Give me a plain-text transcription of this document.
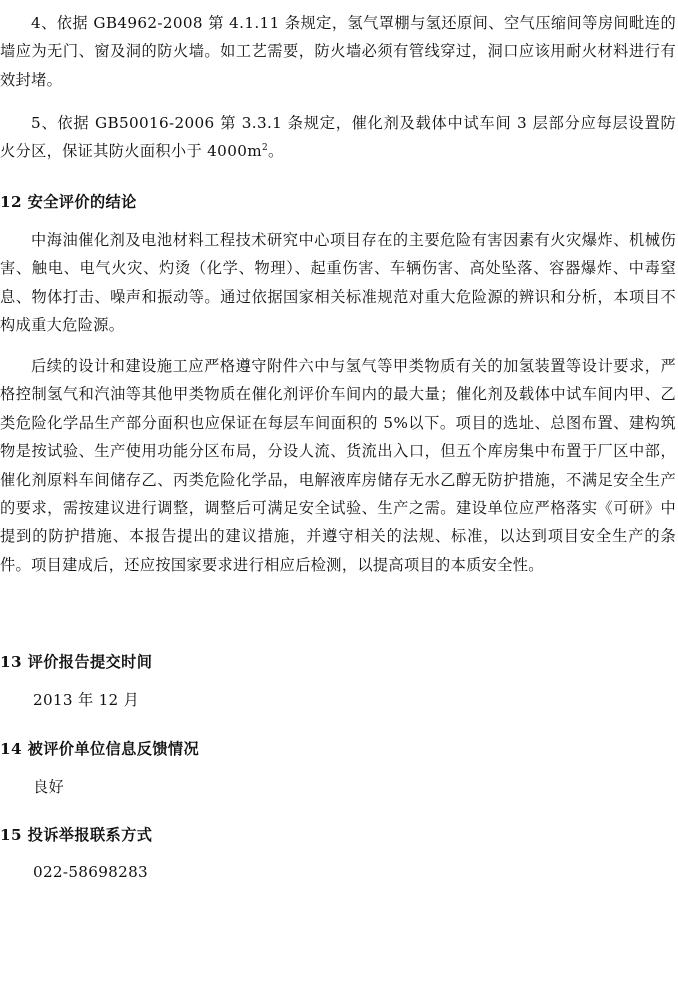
4、依据 GB4962-2008 第 4.1.11 条规定，氢气罩棚与氢还原间、空气压缩间等房间毗连的墙应为无门、窗及洞的防火墙。如工艺需要，防火墙必须有管线穿过，洞口应该用耐火材料进行有效封堵。

5、依据 GB50016-2006 第 3.3.1 条规定，催化剂及载体中试车间 3 层部分应每层设置防火分区，保证其防火面积小于 $4000m^2$。

12 安全评价的结论

中海油催化剂及电池材料工程技术研究中心项目存在的主要危险有害因素有火灾爆炸、机械伤害、触电、电气火灾、灼烫（化学、物理）、起重伤害、车辆伤害、高处坠落、容器爆炸、中毒窒息、物体打击、噪声和振动等。通过依据国家相关标准规范对重大危险源的辨识和分析，本项目不构成重大危险源。

后续的设计和建设施工应严格遵守附件六中与氢气等甲类物质有关的加氢装置等设计要求，严格控制氢气和汽油等其他甲类物质在催化剂评价车间内的最大量；催化剂及载体中试车间内甲、乙类危险化学品生产部分面积也应保证在每层车间面积的 5%以下。项目的选址、总图布置、建构筑物是按试验、生产使用功能分区布局，分设人流、货流出入口，但五个库房集中布置于厂区中部，催化剂原料车间储存乙、丙类危险化学品，电解液库房储存无水乙醇无防护措施，不满足安全生产的要求，需按建议进行调整，调整后可满足安全试验、生产之需。建设单位应严格落实《可研》中提到的防护措施、本报告提出的建议措施，并遵守相关的法规、标准，以达到项目安全生产的条件。项目建成后，还应按国家要求进行相应后检测，以提高项目的本质安全性。

13 评价报告提交时间

2013 年 12 月

14 被评价单位信息反馈情况

良好

15 投诉举报联系方式

022-58698283
